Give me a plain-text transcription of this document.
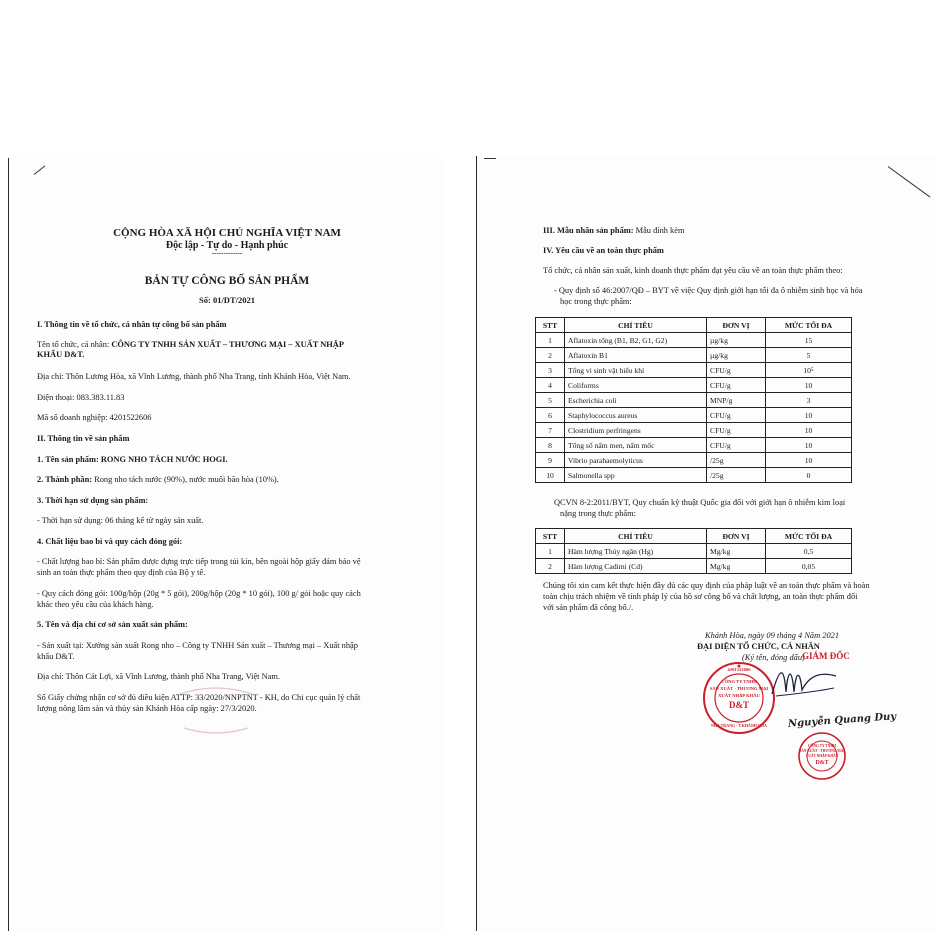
CỘNG HÒA XÃ HỘI CHỦ NGHĨA VIỆT NAM
Độc lập - Tự do - Hạnh phúc
-------------
BẢN TỰ CÔNG BỐ SẢN PHẨM
Số: 01/DT/2021
I. Thông tin về tổ chức, cá nhân tự công bố sản phẩm
Tên tổ chức, cá nhân: CÔNG TY TNHH SẢN XUẤT – THƯƠNG MẠI – XUẤT NHẬP
KHẨU D&T.
Địa chỉ: Thôn Lương Hòa, xã Vĩnh Lương, thành phố Nha Trang, tỉnh Khánh Hòa, Việt Nam.
Điện thoại: 083.383.11.83
Mã số doanh nghiệp: 4201522606
II. Thông tin về sản phẩm
1. Tên sản phẩm: RONG NHO TÁCH NƯỚC HOGI.
2. Thành phần: Rong nho tách nước (90%), nước muối bão hòa (10%).
3. Thời hạn sử dụng sản phẩm:
- Thời hạn sử dụng: 06 tháng kể từ ngày sản xuất.
4. Chất liệu bao bì và quy cách đóng gói:
- Chất lượng bao bì: Sản phẩm được đựng trực tiếp trong túi kín, bên ngoài hộp giấy đảm bảo vệ
sinh an toàn thực phẩm theo quy định của Bộ y tế.
- Quy cách đóng gói: 100g/hộp (20g * 5 gói), 200g/hộp (20g * 10 gói), 100 g/ gói hoặc quy cách
khác theo yêu cầu của khách hàng.
5. Tên và địa chỉ cơ sở sản xuất sản phẩm:
- Sản xuất tại: Xưởng sản xuất Rong nho – Công ty TNHH Sản xuất – Thương mại – Xuất nhập
khẩu D&T.
Địa chỉ: Thôn Cát Lợi, xã Vĩnh Lương, thành phố Nha Trang, Việt Nam.
Số Giấy chứng nhận cơ sở đủ điều kiện ATTP: 33/2020/NNPTNT - KH, do Chi cục quản lý chất
lượng nông lâm sản và thủy sản Khánh Hòa cấp ngày: 27/3/2020.
III. Mẫu nhãn sản phẩm: Mẫu đính kèm
IV. Yêu cầu về an toàn thực phẩm
Tổ chức, cá nhân sản xuất, kinh doanh thực phẩm đạt yêu cầu về an toàn thực phẩm theo:
- Quy định số 46:2007/QĐ – BYT về việc Quy định giới hạn tối đa ô nhiễm sinh học và hóa
học trong thực phẩm:
STT	CHỈ TIÊU	ĐƠN VỊ	MỨC TỐI ĐA
1	Aflatoxin tổng (B1, B2, G1, G2)	µg/kg	15
2	Aflatoxin B1	µg/kg	5
3	Tổng vi sinh vật hiếu khí	CFU/g	10⁵
4	Coliforms	CFU/g	10
5	Escherichia coli	MNP/g	3
6	Staphylococcus aureus	CFU/g	10
7	Clostridium perfringens	CFU/g	10
8	Tổng số nấm men, nấm mốc	CFU/g	10
9	Vibrio parahaemolyticus	/25g	10
10	Salmonella spp	/25g	0
QCVN 8-2:2011/BYT, Quy chuẩn kỹ thuật Quốc gia đối với giới hạn ô nhiễm kim loại
nặng trong thực phẩm:
STT	CHỈ TIÊU	ĐƠN VỊ	MỨC TỐI ĐA
1	Hàm lượng Thủy ngân (Hg)	Mg/kg	0,5
2	Hàm lượng Cadimi (Cd)	Mg/kg	0,05
Chúng tôi xin cam kết thực hiện đầy đủ các quy định của pháp luật về an toàn thực phẩm và hoàn
toàn chịu trách nhiệm về tính pháp lý của hồ sơ công bố và chất lượng, an toàn thực phẩm đối
với sản phẩm đã công bố./.
Khánh Hòa, ngày 09 tháng 4 Năm 2021
ĐẠI DIỆN TỔ CHỨC, CÁ NHÂN
(Ký tên, đóng dấu)
GIÁM ĐỐC
4201522606
CÔNG TY TNHH
SẢN XUẤT - THƯƠNG MẠI
XUẤT NHẬP KHẨU
D&T
NHA TRANG - T.KHÁNH HÒA
CÔNG TY TNHH
SẢN XUẤT - THƯƠNG MẠI
XUẤT NHẬP KHẨU
D&T
Nguyễn Quang Duy
